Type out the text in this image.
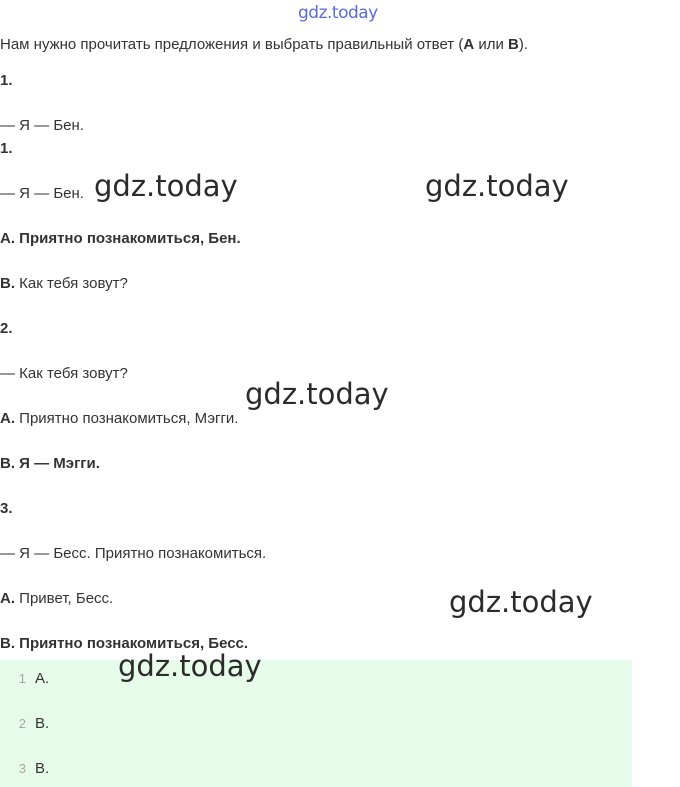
gdz.today
Нам нужно прочитать предложения и выбрать правильный ответ (А или В).
1.
— Я — Бен.
1.
— Я — Бен.
А. Приятно познакомиться, Бен.
В. Как тебя зовут?
2.
— Как тебя зовут?
А. Приятно познакомиться, Мэгги.
В. Я — Мэгги.
3.
— Я — Бесс. Приятно познакомиться.
А. Привет, Бесс.
В. Приятно познакомиться, Бесс.
1 А.
2 В.
3 В.
gdz.today	gdz.today
gdz.today
gdz.today
gdz.today
